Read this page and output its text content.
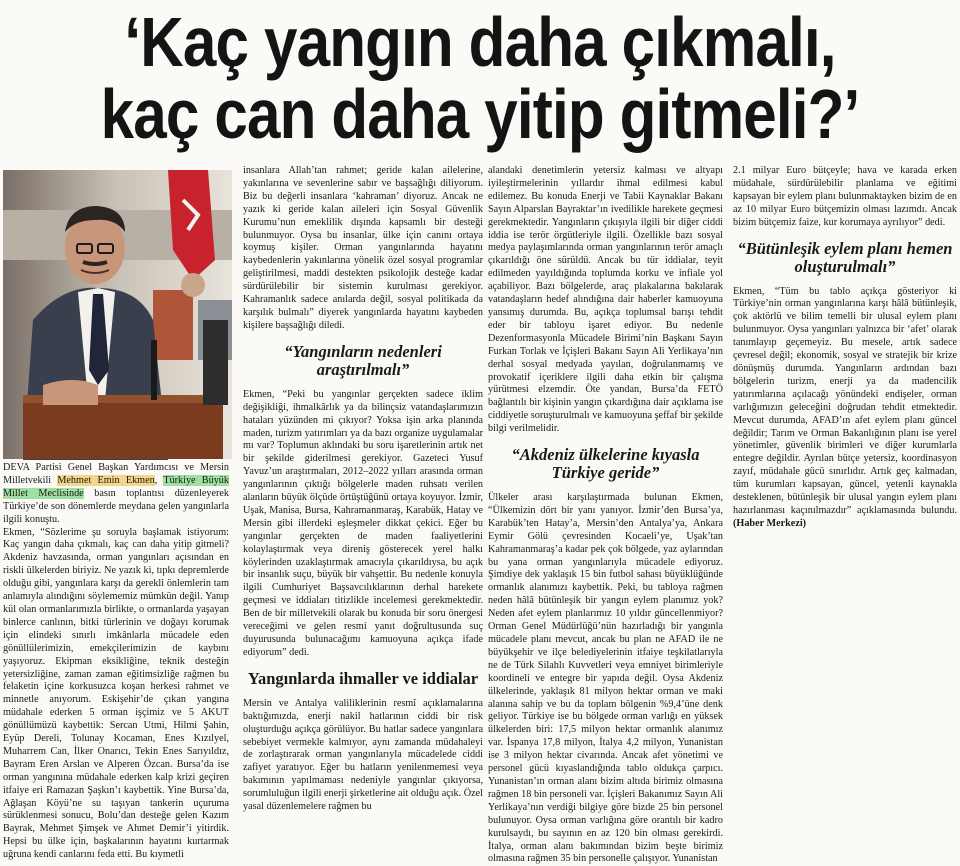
‘Kaç yangın daha çıkmalı,
kaç can daha yitip gitmeli?’

DEVA Partisi Genel Başkan Yardımcısı ve Mersin Milletvekili Mehmet Emin Ekmen, Türkiye Büyük Millet Meclisinde basın toplantısı düzenleyerek Türkiye’de son dönemlerde meydana gelen yangınlarla ilgili konuştu.

Ekmen, “Sözlerime şu soruyla başlamak istiyorum: Kaç yangın daha çıkmalı, kaç can daha yitip gitmeli? Akdeniz havzasında, orman yangınları açısından en riskli ülkelerden biriyiz. Ne yazık ki, tıpkı depremlerde olduğu gibi, yangınlara karşı da gerekli önlemlerin tam anlamıyla alındığını söylememiz mümkün değil. Yanıp kül olan ormanlarımızla birlikte, o ormanlarda yaşayan binlerce canlının, bitki türlerinin ve doğayı korumak için elindeki sınırlı imkânlarla mücadele eden gönüllülerimizin, emekçilerimizin de kaybını yaşıyoruz. Ekipman eksikliğine, teknik desteğin yetersizliğine, zaman zaman eğitimsizliğe rağmen bu felaketin içine korkusuzca koşan herkesi rahmet ve minnetle anıyorum. Eskişehir’de çıkan yangına müdahale ederken 5 orman işçimiz ve 5 AKUT gönüllümüzü kaybettik: Sercan Utmi, Hilmi Şahin, Eyüp Dereli, Tolunay Kocaman, Enes Kızılyel, Muharrem Can, İlker Onarıcı, Tekin Enes Sarıyıldız, Bayram Eren Arslan ve Alperen Özcan. Bursa’da ise orman yangınına müdahale ederken kalp krizi geçiren itfaiye eri Ramazan Şaşkın’ı kaybettik. Yine Bursa’da, Ağlaşan Köyü’ne su taşıyan tankerin uçuruma sürüklenmesi sonucu, Bolu’dan desteğe gelen Kazım Bayrak, Mehmet Şimşek ve Ahmet Demir’i yitirdik. Hepsi bu ülke için, başkalarının hayatını kurtarmak uğruna kendi canlarını feda etti. Bu kıymetli

insanlara Allah’tan rahmet; geride kalan ailelerine, yakınlarına ve sevenlerine sabır ve başsağlığı diliyorum. Biz bu değerli insanlara ‘kahraman’ diyoruz. Ancak ne yazık ki geride kalan aileleri için Sosyal Güvenlik Kurumu’nun emeklilik dışında kapsamlı bir desteği bulunmuyor. Oysa bu insanlar, ülke için canını ortaya koymuş kişiler. Orman yangınlarında hayatını kaybedenlerin yakınlarına yönelik özel sosyal programlar geliştirilmesi, maddi destekten psikolojik desteğe kadar sürdürülebilir bir sistemin kurulması gerekiyor. Kahramanlık sadece anılarda değil, sosyal politikada da karşılık bulmalı” diyerek yangınlarda hayatını kaybeden kişilere başsağlığı diledi.

“Yangınların nedenleri araştırılmalı”

Ekmen, “Peki bu yangınlar gerçekten sadece iklim değişikliği, ihmalkârlık ya da bilinçsiz vatandaşlarımızın hataları yüzünden mi çıkıyor? Yoksa işin arka planında maden, turizm yatırımları ya da bazı organize uygulamalar mı var? Toplumun aklındaki bu soru işaretlerinin artık net bir şekilde giderilmesi gerekiyor. Gazeteci Yusuf Yavuz’un araştırmaları, 2012–2022 yılları arasında orman yangınlarının çıktığı bölgelerle maden ruhsatı verilen alanların büyük ölçüde örtüştüğünü ortaya koyuyor. İzmir, Uşak, Manisa, Bursa, Kahramanmaraş, Karabük, Hatay ve Mersin gibi illerdeki eşleşmeler dikkat çekici. Eğer bu yangınlar gerçekten de maden faaliyetlerini kolaylaştırmak veya direniş gösterecek yerel halkı köylerinden uzaklaştırmak amacıyla çıkarıldıysa, bu açık bir insanlık suçu, büyük bir vahşettir. Bu nedenle konuyla ilgili Cumhuriyet Başsavcılıklarının derhal harekete geçmesi ve iddiaları titizlikle incelemesi gerekmektedir. Ben de bir milletvekili olarak bu konuda bir soru önergesi vereceğimi ve gelen resmi yanıt doğrultusunda suç duyurusunda bulunacağımı kamuoyuna açıkça ifade ediyorum” dedi.

Yangınlarda ihmaller ve iddialar

Mersin ve Antalya valiliklerinin resmî açıklamalarına baktığımızda, enerji nakil hatlarının ciddi bir risk oluşturduğu açıkça görülüyor. Bu hatlar sadece yangınlara sebebiyet vermekle kalmıyor, aynı zamanda müdahaleyi de zorlaştırarak orman yangınlarıyla mücadelede ciddi zafiyet yaratıyor. Eğer bu hatların yenilenmemesi veya bakımının yapılmaması nedeniyle yangınlar çıkıyorsa, sorumluluğun ilgili enerji şirketlerine ait olduğu açık. Özel yasal düzenlemelere rağmen bu

alandaki denetimlerin yetersiz kalması ve altyapı iyileştirmelerinin yıllardır ihmal edilmesi kabul edilemez. Bu konuda Enerji ve Tabii Kaynaklar Bakanı Sayın Alparslan Bayraktar’ın ivedilikle harekete geçmesi gerekmektedir. Yangınların çıkışıyla ilgili bir diğer ciddi iddia ise terör örgütleriyle ilgili. Özellikle bazı sosyal medya paylaşımlarında orman yangınlarının terör amaçlı çıkarıldığı öne sürüldü. Ancak bu tür iddialar, teyit edilmeden yayıldığında toplumda korku ve infiale yol açabiliyor. Bazı bölgelerde, araç plakalarına bakılarak vatandaşların hedef alındığına dair haberler kamuoyuna yansımış durumda. Bu, açıkça toplumsal barışı tehdit eder bir tabloyu işaret ediyor. Bu nedenle Dezenformasyonla Mücadele Birimi’nin Başkanı Sayın Furkan Torlak ve İçişleri Bakanı Sayın Ali Yerlikaya’nın derhal sosyal medyada yayılan, doğrulanmamış ve provokatif içeriklere ilgili daha etkin bir çalışma yürütmesi elzemdir. Öte yandan, Bursa’da FETÖ bağlantılı bir kişinin yangın çıkardığına dair açıklama ise ciddiyetle soruşturulmalı ve kamuoyuna şeffaf bir şekilde bilgi verilmelidir.

“Akdeniz ülkelerine kıyasla Türkiye geride”

Ülkeler arası karşılaştırmada bulunan Ekmen, “Ülkemizin dört bir yanı yanıyor. İzmir’den Bursa’ya, Karabük’ten Hatay’a, Mersin’den Antalya’ya, Ankara Eymir Gölü çevresinden Kocaeli’ye, Uşak’tan Kahramanmaraş’a kadar pek çok bölgede, yaz aylarından bu yana orman yangınlarıyla mücadele ediyoruz. Şimdiye dek yaklaşık 15 bin futbol sahası büyüklüğünde ormanlık alanımızı kaybettik. Peki, bu tabloya rağmen neden hâlâ bütünleşik bir yangın eylem planımız yok? Neden afet eylem planlarımız 10 yıldır güncellenmiyor? Orman Genel Müdürlüğü’nün hazırladığı bir yangınla mücadele planı mevcut, ancak bu plan ne AFAD ile ne büyükşehir ve ilçe belediyelerinin itfaiye teşkilatlarıyla ne de Türk Silahlı Kuvvetleri veya emniyet birimleriyle koordineli ve entegre bir yapıda değil. Oysa Akdeniz ülkelerinde, yaklaşık 81 milyon hektar orman ve maki alanına sahip ve bu da toplam bölgenin %9,4’üne denk geliyor. Türkiye ise bu bölgede orman varlığı en yüksek ülkelerden biri: 17,5 milyon hektar ormanlık alanımız var. İspanya 17,8 milyon, İtalya 4,2 milyon, Yunanistan ise 3 milyon hektar civarında. Ancak afet yönetimi ve personel gücü kıyaslandığında tablo oldukça çarpıcı. Yunanistan’ın orman alanı bizim altıda birimiz olmasına rağmen 18 bin personeli var. İçişleri Bakanımız Sayın Ali Yerlikaya’nın verdiği bilgiye göre bizde 25 bin personel bulunuyor. Oysa orman varlığına göre orantılı bir kadro kurulsaydı, bu sayının en az 120 bin olması gerekirdi. İtalya, orman alanı bakımından bizim beşte birimiz olmasına rağmen 35 bin personelle çalışıyor. Yunanistan

2.1 milyar Euro bütçeyle; hava ve karada erken müdahale, sürdürülebilir planlama ve eğitimi kapsayan bir eylem planı bulunmaktayken bizim de en az 10 milyar Euro bütçemizin olması lazımdı. Ancak bizim bütçemiz faize, kur korumaya ayrılıyor” dedi.

“Bütünleşik eylem planı hemen oluşturulmalı”

Ekmen, “Tüm bu tablo açıkça gösteriyor ki Türkiye’nin orman yangınlarına karşı hâlâ bütünleşik, çok aktörlü ve bilim temelli bir ulusal eylem planı bulunmuyor. Oysa yangınları yalnızca bir ‘afet’ olarak tanımlayıp geçemeyiz. Bu mesele, artık sadece çevresel değil; ekonomik, sosyal ve stratejik bir krize dönüşmüş durumda. Yangınların ardından bazı bölgelerin turizm, enerji ya da madencilik yatırımlarına açılacağı yönündeki endişeler, orman varlığımızın geleceğini doğrudan tehdit etmektedir. Mevcut durumda, AFAD’ın afet eylem planı güncel değildir; Tarım ve Orman Bakanlığının planı ise yerel yönetimler, güvenlik birimleri ve diğer kurumlarla entegre değildir. Ayrılan bütçe yetersiz, koordinasyon zayıf, müdahale gücü sınırlıdır. Artık geç kalmadan, tüm kurumları kapsayan, güncel, yetenli kaynakla desteklenen, bütünleşik bir ulusal yangın eylem planı hazırlanması kaçınılmazdır” açıklamasında bulundu. (Haber Merkezi)
